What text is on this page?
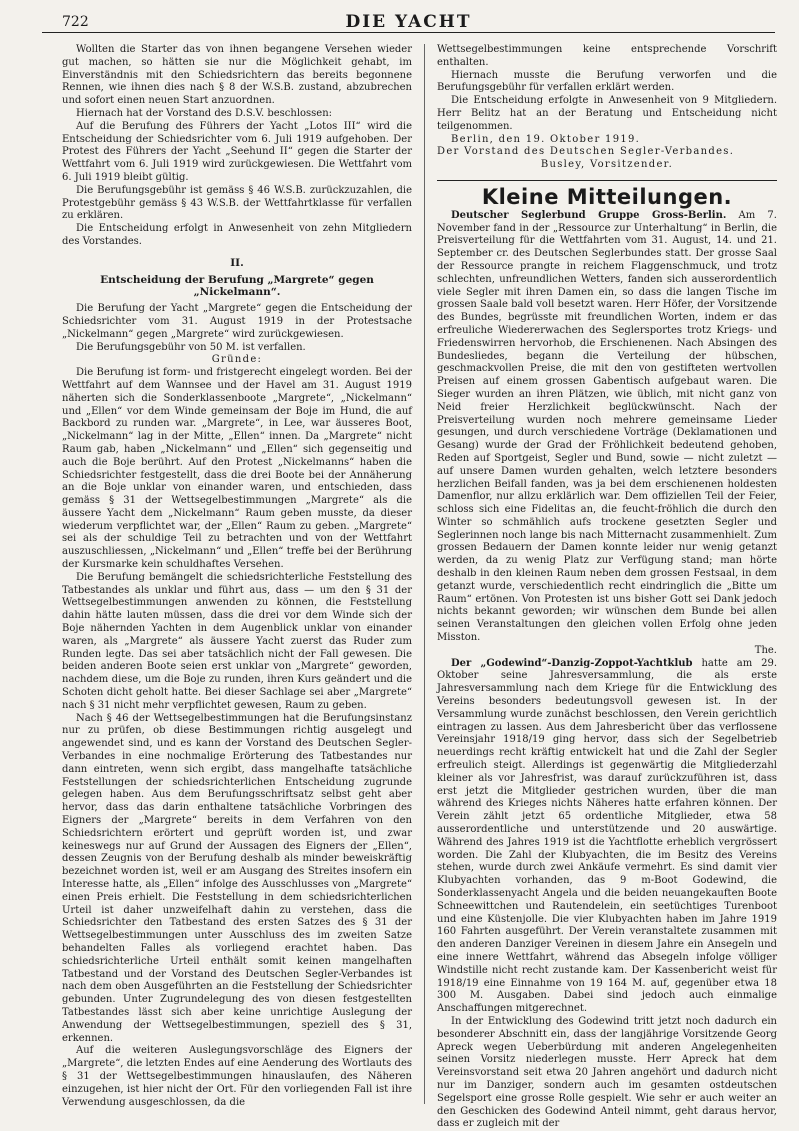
722	DIE YACHT

Wollten die Starter das von ihnen begangene Versehen wieder gut machen, so hätten sie nur die Möglichkeit gehabt, im Einverständnis mit den Schiedsrichtern das bereits begonnene Rennen, wie ihnen dies nach § 8 der W.S.B. zustand, abzubrechen und sofort einen neuen Start anzuordnen.

Hiernach hat der Vorstand des D.S.V. beschlossen:

Auf die Berufung des Führers der Yacht „Lotos III“ wird die Entscheidung der Schiedsrichter vom 6. Juli 1919 aufgehoben. Der Protest des Führers der Yacht „Seehund II“ gegen die Starter der Wettfahrt vom 6. Juli 1919 wird zurückgewiesen. Die Wettfahrt vom 6. Juli 1919 bleibt gültig.

Die Berufungsgebühr ist gemäss § 46 W.S.B. zurückzuzahlen, die Protestgebühr gemäss § 43 W.S.B. der Wettfahrtklasse für verfallen zu erklären.

Die Entscheidung erfolgt in Anwesenheit von zehn Mitgliedern des Vorstandes.

II.
Entscheidung der Berufung „Margrete“ gegen „Nickelmann“.

Die Berufung der Yacht „Margrete“ gegen die Entscheidung der Schiedsrichter vom 31. August 1919 in der Protestsache „Nickelmann“ gegen „Margrete“ wird zurückgewiesen.

Die Berufungsgebühr von 50 M. ist verfallen.

Gründe:

Die Berufung ist form- und fristgerecht eingelegt worden. Bei der Wettfahrt auf dem Wannsee und der Havel am 31. August 1919 näherten sich die Sonderklassenboote „Margrete“, „Nickelmann“ und „Ellen“ vor dem Winde gemeinsam der Boje im Hund, die auf Backbord zu runden war. „Margrete“, in Lee, war äusseres Boot, „Nickelmann“ lag in der Mitte, „Ellen“ innen. Da „Margrete“ nicht Raum gab, haben „Nickelmann“ und „Ellen“ sich gegenseitig und auch die Boje berührt. Auf den Protest „Nickelmanns“ haben die Schiedsrichter festgestellt, dass die drei Boote bei der Annäherung an die Boje unklar von einander waren, und entschieden, dass gemäss § 31 der Wettsegelbestimmungen „Margrete“ als die äussere Yacht dem „Nickelmann“ Raum geben musste, da dieser wiederum verpflichtet war, der „Ellen“ Raum zu geben. „Margrete“ sei als der schuldige Teil zu betrachten und von der Wettfahrt auszuschliessen, „Nickelmann“ und „Ellen“ treffe bei der Berührung der Kursmarke kein schuldhaftes Versehen.

Die Berufung bemängelt die schiedsrichterliche Feststellung des Tatbestandes als unklar und führt aus, dass — um den § 31 der Wettsegelbestimmungen anwenden zu können, die Feststellung dahin hätte lauten müssen, dass die drei vor dem Winde sich der Boje nähernden Yachten in dem Augenblick unklar von einander waren, als „Margrete“ als äussere Yacht zuerst das Ruder zum Runden legte. Das sei aber tatsächlich nicht der Fall gewesen. Die beiden anderen Boote seien erst unklar von „Margrete“ geworden, nachdem diese, um die Boje zu runden, ihren Kurs geändert und die Schoten dicht geholt hatte. Bei dieser Sachlage sei aber „Margrete“ nach § 31 nicht mehr verpflichtet gewesen, Raum zu geben.

Nach § 46 der Wettsegelbestimmungen hat die Berufungsinstanz nur zu prüfen, ob diese Bestimmungen richtig ausgelegt und angewendet sind, und es kann der Vorstand des Deutschen Segler-Verbandes in eine nochmalige Erörterung des Tatbestandes nur dann eintreten, wenn sich ergibt, dass mangelhafte tatsächliche Feststellungen der schiedsrichterlichen Entscheidung zugrunde gelegen haben. Aus dem Berufungsschriftsatz selbst geht aber hervor, dass das darin enthaltene tatsächliche Vorbringen des Eigners der „Margrete“ bereits in dem Verfahren von den Schiedsrichtern erörtert und geprüft worden ist, und zwar keineswegs nur auf Grund der Aussagen des Eigners der „Ellen“, dessen Zeugnis von der Berufung deshalb als minder beweiskräftig bezeichnet worden ist, weil er am Ausgang des Streites insofern ein Interesse hatte, als „Ellen“ infolge des Ausschlusses von „Margrete“ einen Preis erhielt. Die Feststellung in dem schiedsrichterlichen Urteil ist daher unzweifelhaft dahin zu verstehen, dass die Schiedsrichter den Tatbestand des ersten Satzes des § 31 der Wettsegelbestimmungen unter Ausschluss des im zweiten Satze behandelten Falles als vorliegend erachtet haben. Das schiedsrichterliche Urteil enthält somit keinen mangelhaften Tatbestand und der Vorstand des Deutschen Segler-Verbandes ist nach dem oben Ausgeführten an die Feststellung der Schiedsrichter gebunden. Unter Zugrundelegung des von diesen festgestellten Tatbestandes lässt sich aber keine unrichtige Auslegung der Anwendung der Wettsegelbestimmungen, speziell des § 31, erkennen.

Auf die weiteren Auslegungsvorschläge des Eigners der „Margrete“, die letzten Endes auf eine Aenderung des Wortlauts des § 31 der Wettsegelbestimmungen hinauslaufen, des Näheren einzugehen, ist hier nicht der Ort. Für den vorliegenden Fall ist ihre Verwendung ausgeschlossen, da die

Wettsegelbestimmungen keine entsprechende Vorschrift enthalten.

Hiernach musste die Berufung verworfen und die Berufungsgebühr für verfallen erklärt werden.

Die Entscheidung erfolgte in Anwesenheit von 9 Mitgliedern. Herr Belitz hat an der Beratung und Entscheidung nicht teilgenommen.

Berlin, den 19. Oktober 1919.

Der Vorstand des Deutschen Segler-Verbandes.

Busley, Vorsitzender.

Kleine Mitteilungen.

Deutscher Seglerbund Gruppe Gross-Berlin. Am 7. November fand in der „Ressource zur Unterhaltung“ in Berlin, die Preisverteilung für die Wettfahrten vom 31. August, 14. und 21. September cr. des Deutschen Seglerbundes statt. Der grosse Saal der Ressource prangte in reichem Flaggenschmuck, und trotz schlechten, unfreundlichen Wetters, fanden sich ausserordentlich viele Segler mit ihren Damen ein, so dass die langen Tische im grossen Saale bald voll besetzt waren. Herr Höfer, der Vorsitzende des Bundes, begrüsste mit freundlichen Worten, indem er das erfreuliche Wiedererwachen des Seglersportes trotz Kriegs- und Friedenswirren hervorhob, die Erschienenen. Nach Absingen des Bundesliedes, begann die Verteilung der hübschen, geschmackvollen Preise, die mit den von gestifteten wertvollen Preisen auf einem grossen Gabentisch aufgebaut waren. Die Sieger wurden an ihren Plätzen, wie üblich, mit nicht ganz von Neid freier Herzlichkeit beglückwünscht. Nach der Preisverteilung wurden noch mehrere gemeinsame Lieder gesungen, und durch verschiedene Vorträge (Deklamationen und Gesang) wurde der Grad der Fröhlichkeit bedeutend gehoben, Reden auf Sportgeist, Segler und Bund, sowie — nicht zuletzt — auf unsere Damen wurden gehalten, welch letztere besonders herzlichen Beifall fanden, was ja bei dem erschienenen holdesten Damenflor, nur allzu erklärlich war. Dem offiziellen Teil der Feier, schloss sich eine Fidelitas an, die feucht-fröhlich die durch den Winter so schmählich aufs trockene gesetzten Segler und Seglerinnen noch lange bis nach Mitternacht zusammenhielt. Zum grossen Bedauern der Damen konnte leider nur wenig getanzt werden, da zu wenig Platz zur Verfügung stand; man hörte deshalb in den kleinen Raum neben dem grossen Festsaal, in dem getanzt wurde, verschiedentlich recht eindringlich die „Bitte um Raum“ ertönen. Von Protesten ist uns bisher Gott sei Dank jedoch nichts bekannt geworden; wir wünschen dem Bunde bei allen seinen Veranstaltungen den gleichen vollen Erfolg ohne jeden Misston.

The.

Der „Godewind“-Danzig-Zoppot-Yachtklub hatte am 29. Oktober seine Jahresversammlung, die als erste Jahresversammlung nach dem Kriege für die Entwicklung des Vereins besonders bedeutungsvoll gewesen ist. In der Versammlung wurde zunächst beschlossen, den Verein gerichtlich eintragen zu lassen. Aus dem Jahresbericht über das verflossene Vereinsjahr 1918/19 ging hervor, dass sich der Segelbetrieb neuerdings recht kräftig entwickelt hat und die Zahl der Segler erfreulich steigt. Allerdings ist gegenwärtig die Mitgliederzahl kleiner als vor Jahresfrist, was darauf zurückzuführen ist, dass erst jetzt die Mitglieder gestrichen wurden, über die man während des Krieges nichts Näheres hatte erfahren können. Der Verein zählt jetzt 65 ordentliche Mitglieder, etwa 58 ausserordentliche und unterstützende und 20 auswärtige. Während des Jahres 1919 ist die Yachtflotte erheblich vergrössert worden. Die Zahl der Klubyachten, die im Besitz des Vereins stehen, wurde durch zwei Ankäufe vermehrt. Es sind damit vier Klubyachten vorhanden, das 9 m-Boot Godewind, die Sonderklassenyacht Angela und die beiden neuangekauften Boote Schneewittchen und Rautendelein, ein seetüchtiges Turenboot und eine Küstenjolle. Die vier Klubyachten haben im Jahre 1919 160 Fahrten ausgeführt. Der Verein veranstaltete zusammen mit den anderen Danziger Vereinen in diesem Jahre ein Ansegeln und eine innere Wettfahrt, während das Absegeln infolge völliger Windstille nicht recht zustande kam. Der Kassenbericht weist für 1918/19 eine Einnahme von 19 164 M. auf, gegenüber etwa 18 300 M. Ausgaben. Dabei sind jedoch auch einmalige Anschaffungen mitgerechnet.

In der Entwicklung des Godewind tritt jetzt noch dadurch ein besonderer Abschnitt ein, dass der langjährige Vorsitzende Georg Apreck wegen Ueberbürdung mit anderen Angelegenheiten seinen Vorsitz niederlegen musste. Herr Apreck hat dem Vereinsvorstand seit etwa 20 Jahren angehört und dadurch nicht nur im Danziger, sondern auch im gesamten ostdeutschen Segelsport eine grosse Rolle gespielt. Wie sehr er auch weiter an den Geschicken des Godewind Anteil nimmt, geht daraus hervor, dass er zugleich mit der
